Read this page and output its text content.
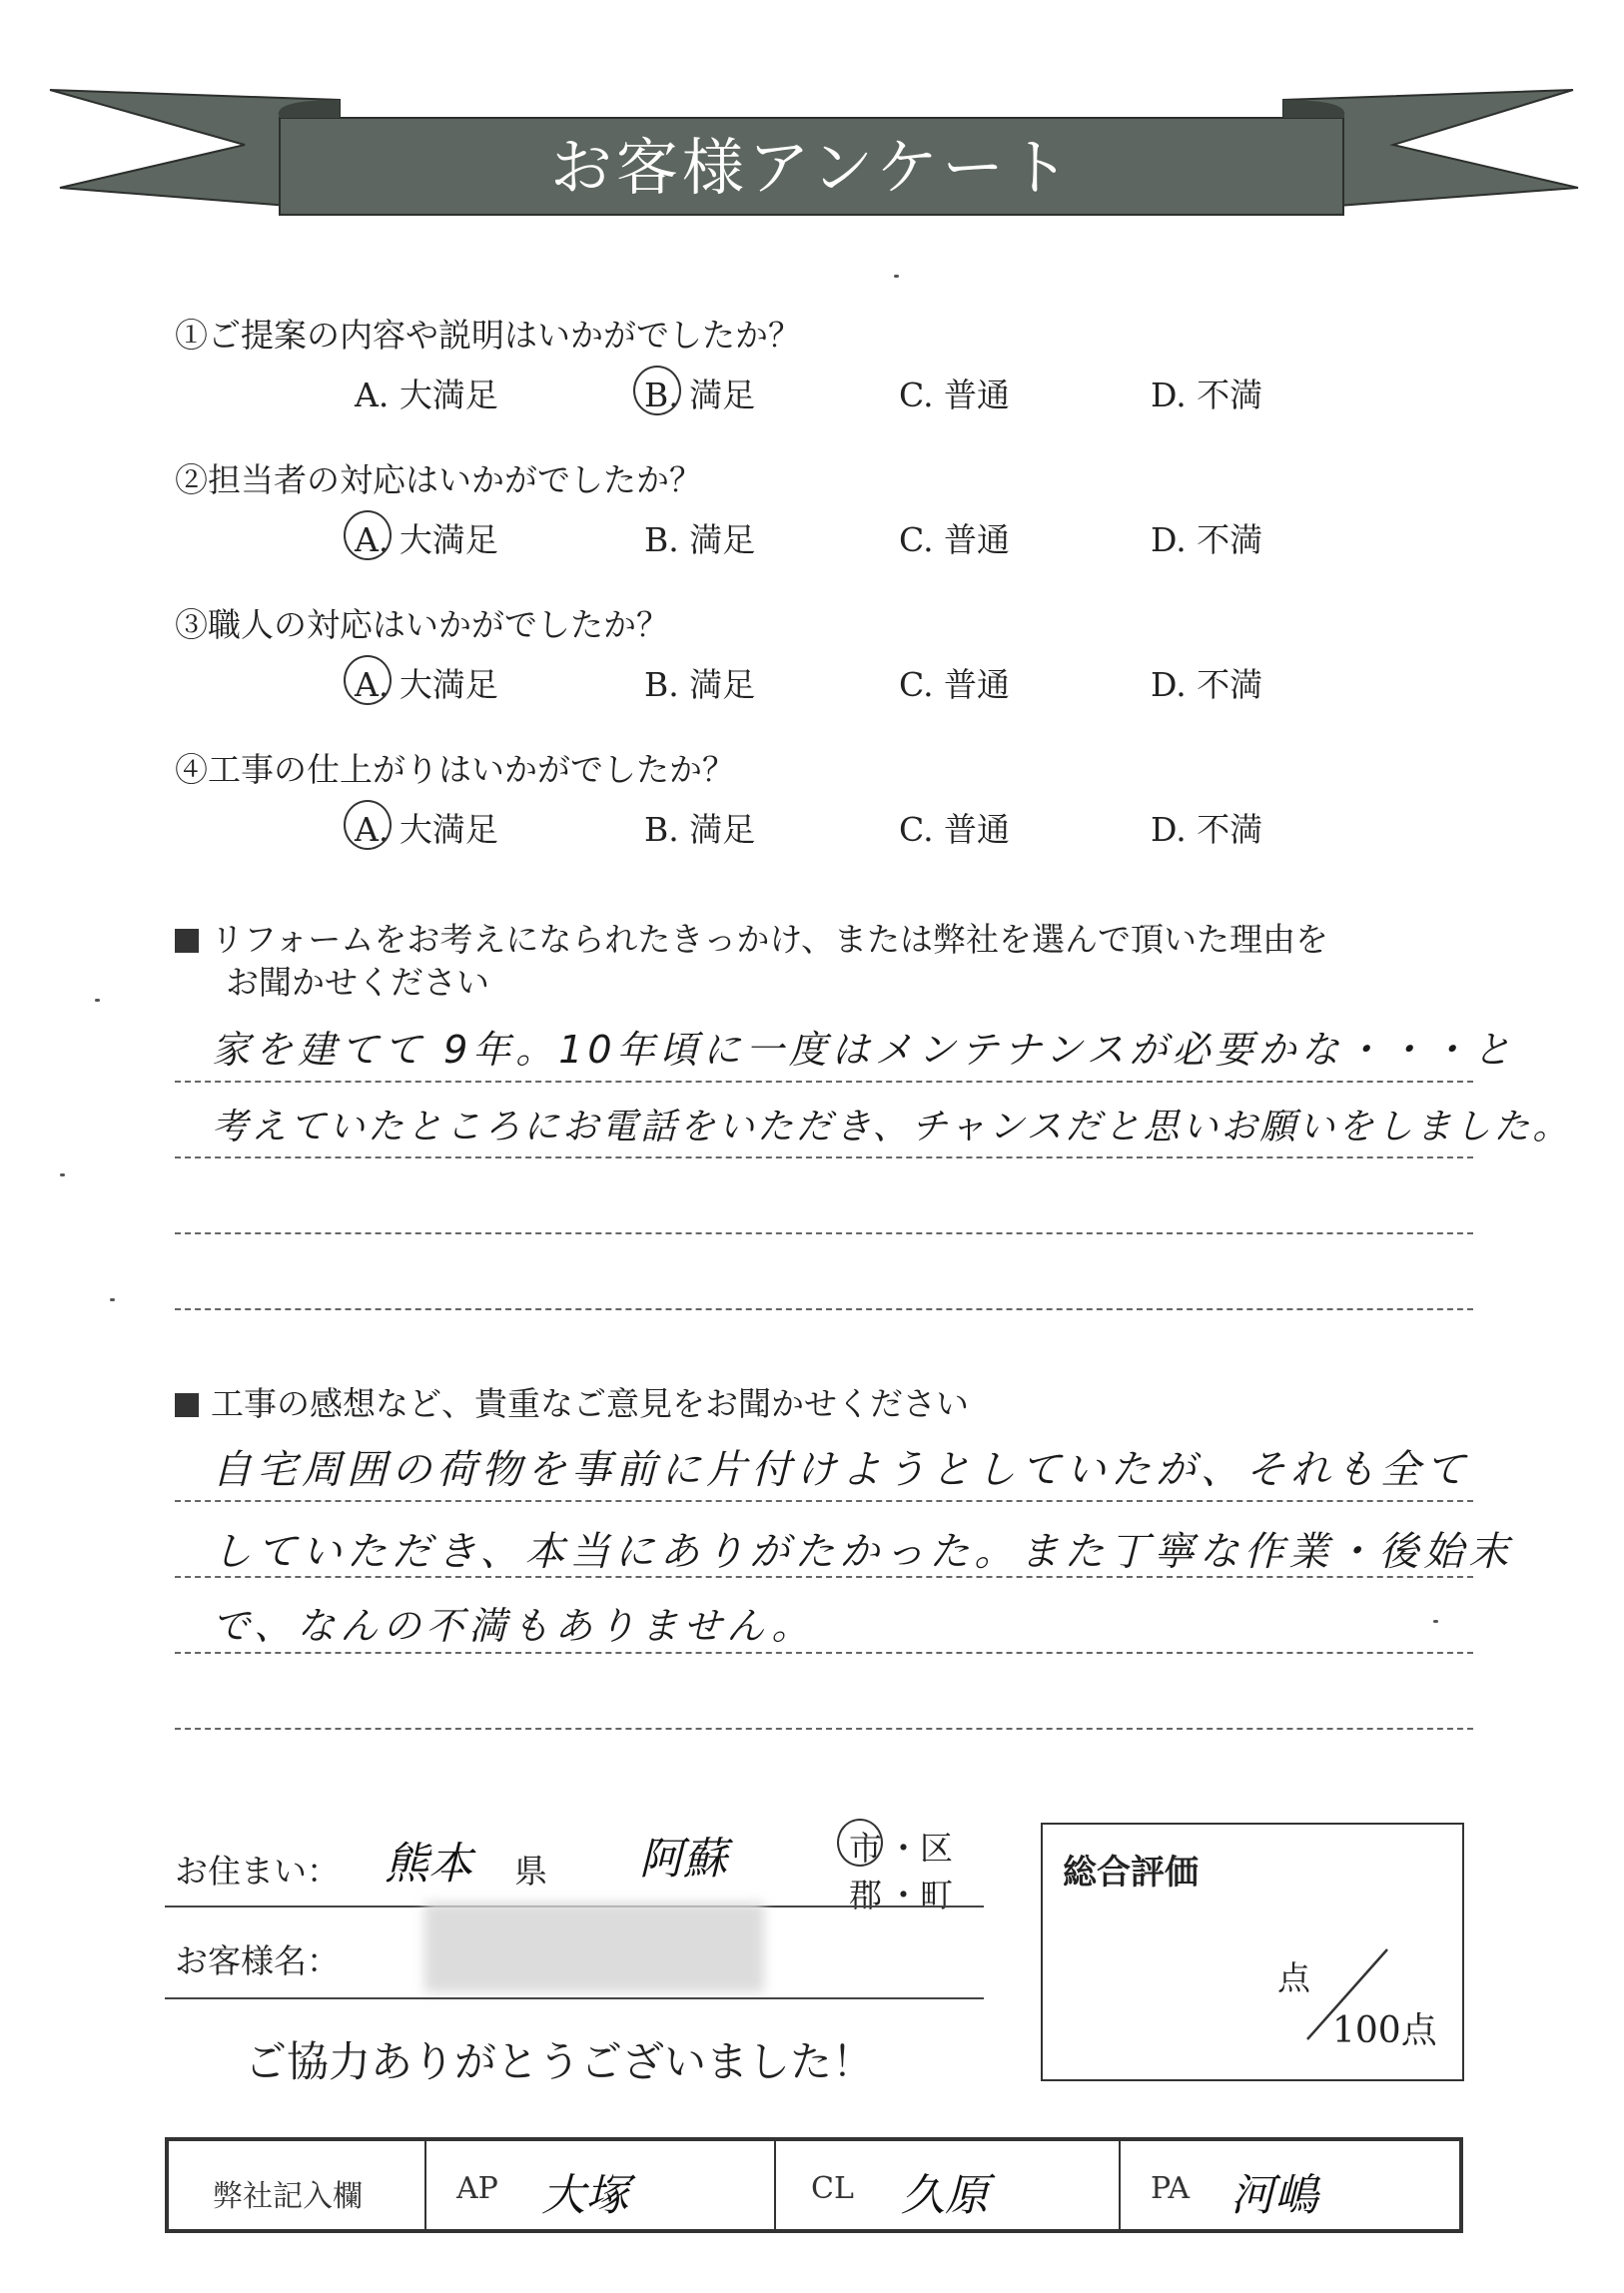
お客様アンケート
①ご提案の内容や説明はいかがでしたか？
A. 大満足	B. 満足	C. 普通	D. 不満
②担当者の対応はいかがでしたか？
A. 大満足	B. 満足	C. 普通	D. 不満
③職人の対応はいかがでしたか？
A. 大満足	B. 満足	C. 普通	D. 不満
④工事の仕上がりはいかがでしたか？
A. 大満足	B. 満足	C. 普通	D. 不満
リフォームをお考えになられたきっかけ、または弊社を選んで頂いた理由を
お聞かせください
家を建てて 9年。10年頃に一度はメンテナンスが必要かな・・・と
考えていたところにお電話をいただき、チャンスだと思いお願いをしました。
工事の感想など、貴重なご意見をお聞かせください
自宅周囲の荷物を事前に片付けようとしていたが、それも全て
していただき、本当にありがたかった。また丁寧な作業・後始末
で、なんの不満もありません。
お住まい： 熊本 県 阿蘇	市 ・区
郡 ・町
お客様名：
ご協力ありがとうございました！
総合評価
点
100点
弊社記入欄	AP 大塚	CL 久原	PA 河嶋
